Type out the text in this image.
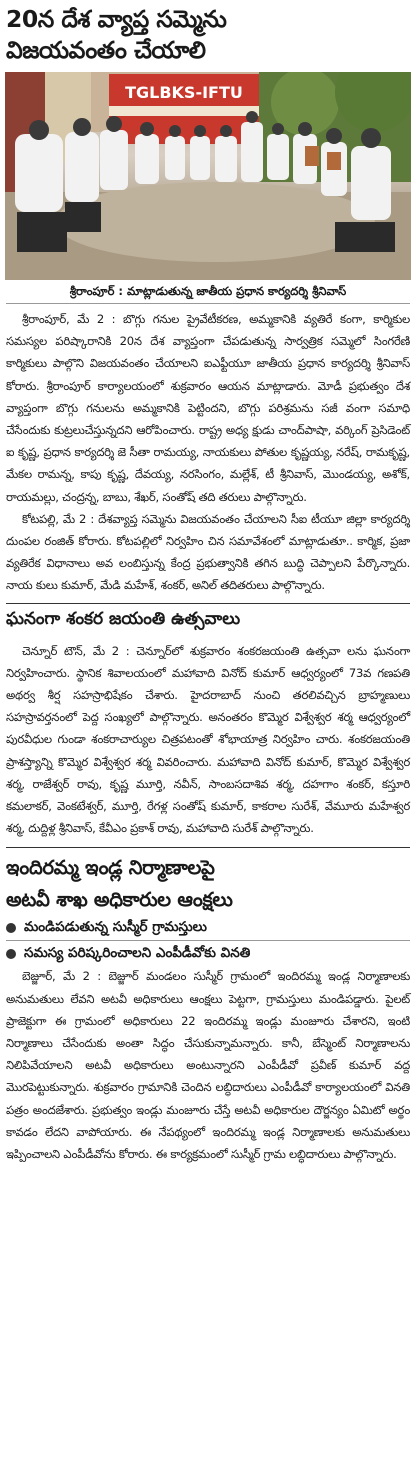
20న దేశ వ్యాప్త సమ్మెను
విజయవంతం చేయాలి
TGLBKS-IFTU
శ్రీరాంపూర్ : మాట్లాడుతున్న జాతీయ ప్రధాన కార్యదర్శి శ్రీనివాస్

శ్రీరాంపూర్, మే 2 : బొగ్గు గనుల ప్రైవేటీకరణ, అమ్మకానికి వ్యతిరే కంగా, కార్మికుల సమస్యల పరిష్కారానికి 20న దేశ వ్యాప్తంగా చేపడుతున్న సార్వత్రిక సమ్మెలో సింగరేణి కార్మికులు పాల్గొని విజయవంతం చేయాలని ఐఎఫ్టీయూ జాతీయ ప్రధాన కార్యదర్శి శ్రీనివాస్ కోరారు. శ్రీరాంపూర్ కార్యాలయంలో శుక్రవారం ఆయన మాట్లాడారు. మోడీ ప్రభుత్వం దేశ వ్యాప్తంగా బొగ్గు గనులను అమ్మకానికి పెట్టిందని, బొగ్గు పరిశ్రమను సజీ వంగా సమాధి చేసేందుకు కుట్రలుచేస్తున్నదని ఆరోపించారు. రాష్ట్ర అధ్య క్షుడు చాంద్‌పాషా, వర్కింగ్ ప్రెసిడెంట్ ఐ కృష్ణ, ప్రధాన కార్యదర్శి జె సీతా రామయ్య, నాయకులు పోతుల కృష్ణయ్య, నరేష్, రామకృష్ణ, మేకల రామన్న, కాపు కృష్ణ, దేవయ్య, నరసింగం, మల్లేశ్, టీ శ్రీనివాస్, మొండయ్య, అశోక్, రాయమల్లు, చంద్రన్న, బాబు, శేఖర్, సంతోష్ తది తరులు పాల్గొన్నారు.

కోటపల్లి, మే 2 : దేశవ్యాప్త సమ్మెను విజయవంతం చేయాలని సీఐ టీయూ జిల్లా కార్యదర్శి దుంపల రంజిత్ కోరారు. కోటపల్లిలో నిర్వహిం చిన సమావేశంలో మాట్లాడుతూ.. కార్మిక, ప్రజా వ్యతిరేక విధానాలు అవ లంబిస్తున్న కేంద్ర ప్రభుత్వానికి తగిన బుద్ధి చెప్పాలని పేర్కొన్నారు. నాయ కులు కుమార్, మేడి మహేశ్, శంకర్, అనిల్ తదితరులు పాల్గొన్నారు.

ఘనంగా శంకర జయంతి ఉత్సవాలు

చెన్నూర్ టౌన్, మే 2 : చెన్నూర్‌లో శుక్రవారం శంకరజయంతి ఉత్సవా లను ఘనంగా నిర్వహించారు. స్థానిక శివాలయంలో మహావాది వినోద్ కుమార్ ఆధ్వర్యంలో 73వ గణపతి అథర్వ శీర్ష సహస్రాభిషేకం చేశారు. హైదరాబాద్ నుంచి తరలివచ్చిన బ్రాహ్మణులు సహస్రావర్తనంలో పెద్ద సంఖ్యలో పాల్గొన్నారు. అనంతరం కొమ్మెర విశ్వేశ్వర శర్మ ఆధ్వర్యంలో పురవీధుల గుండా శంకరాచార్యుల చిత్రపటంతో శోభాయాత్ర నిర్వహిం చారు. శంకరజయంతి ప్రాశస్త్యాన్ని కొమ్మెర విశ్వేశ్వర శర్మ వివరించారు. మహావాది వినోద్ కుమార్, కొమ్మెర విశ్వేశ్వర శర్మ, రాజేశ్వర్ రావు, కృష్ణ మూర్తి, నవీన్, సాంబసదాశివ శర్మ, దహగాం శంకర్, కస్తూరి కమలాకర్, వెంకటేశ్వర్, మూర్తి, రేగళ్ల సంతోష్ కుమార్, కాకరాల సురేశ్, వేమూరు మహేశ్వర శర్మ, దుద్దిళ్ల శ్రీనివాస్, కేవీఎం ప్రకాశ్ రావు, మహావాది సురేశ్ పాల్గొన్నారు.

ఇందిరమ్మ ఇండ్ల నిర్మాణాలపై
అటవీ శాఖ అధికారుల ఆంక్షలు
మండిపడుతున్న సుస్మీర్ గ్రామస్తులు
సమస్య పరిష్కరించాలని ఎంపీడీవోకు వినతి

బెజ్జూర్, మే 2 : బెజ్జూర్ మండలం సుస్మీర్ గ్రామంలో ఇందిరమ్మ ఇండ్ల నిర్మాణాలకు అనుమతులు లేవని అటవీ అధికారులు ఆంక్షలు పెట్టగా, గ్రామస్తులు మండిపడ్డారు. పైలట్ ప్రాజెక్టుగా ఈ గ్రామంలో అధికారులు 22 ఇందిరమ్మ ఇండ్లు మంజూరు చేశారని, ఇంటి నిర్మాణాలు చేసేందుకు అంతా సిద్ధం చేసుకున్నామన్నారు. కానీ, బేస్మెంట్ నిర్మాణాలను నిలిపివేయాలని అటవీ అధికారులు అంటున్నారని ఎంపీడీవో ప్రవీణ్ కుమార్ వద్ద మొరపెట్టుకున్నారు. శుక్రవారం గ్రామానికి చెందిన లబ్ధిదారులు ఎంపీడీవో కార్యాలయంలో వినతి పత్రం అందజేశారు. ప్రభుత్వం ఇండ్లు మంజూరు చేస్తే అటవీ అధికారుల దౌర్జన్యం ఏమిటో అర్థం కావడం లేదని వాపోయారు. ఈ నేపథ్యంలో ఇందిరమ్మ ఇండ్ల నిర్మాణాలకు అనుమతులు ఇప్పించాలని ఎంపీడీవోను కోరారు. ఈ కార్యక్రమంలో సుస్మీర్ గ్రామ లబ్ధిదారులు పాల్గొన్నారు.
